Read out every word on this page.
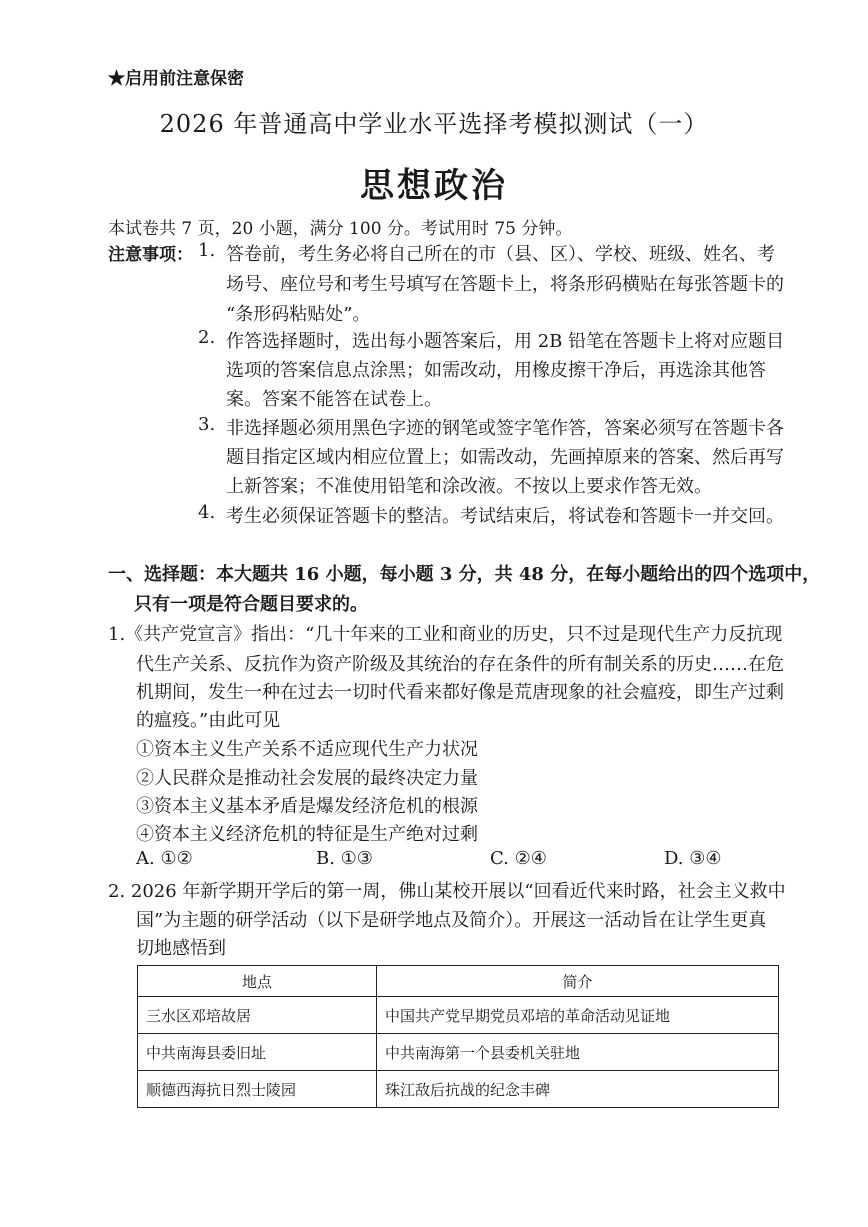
★启用前注意保密
2026 年普通高中学业水平选择考模拟测试（一）
思想政治
本试卷共 7 页，20 小题，满分 100 分。考试用时 75 分钟。
注意事项： 1. 答卷前，考生务必将自己所在的市（县、区）、学校、班级、姓名、考
场号、座位号和考生号填写在答题卡上，将条形码横贴在每张答题卡的
“条形码粘贴处”。
2. 作答选择题时，选出每小题答案后，用 2B 铅笔在答题卡上将对应题目
选项的答案信息点涂黑；如需改动，用橡皮擦干净后，再选涂其他答
案。答案不能答在试卷上。
3. 非选择题必须用黑色字迹的钢笔或签字笔作答，答案必须写在答题卡各
题目指定区域内相应位置上；如需改动，先画掉原来的答案、然后再写
上新答案；不准使用铅笔和涂改液。不按以上要求作答无效。
4. 考生必须保证答题卡的整洁。考试结束后，将试卷和答题卡一并交回。
一、选择题：本大题共 16 小题，每小题 3 分，共 48 分，在每小题给出的四个选项中，
只有一项是符合题目要求的。
1.《共产党宣言》指出：“几十年来的工业和商业的历史，只不过是现代生产力反抗现
代生产关系、反抗作为资产阶级及其统治的存在条件的所有制关系的历史……在危
机期间，发生一种在过去一切时代看来都好像是荒唐现象的社会瘟疫，即生产过剩
的瘟疫。”由此可见
①资本主义生产关系不适应现代生产力状况
②人民群众是推动社会发展的最终决定力量
③资本主义基本矛盾是爆发经济危机的根源
④资本主义经济危机的特征是生产绝对过剩
A. ①②	B. ①③	C. ②④	D. ③④
2. 2026 年新学期开学后的第一周，佛山某校开展以“回看近代来时路，社会主义救中
国”为主题的研学活动（以下是研学地点及简介）。开展这一活动旨在让学生更真
切地感悟到
地点	简介
三水区邓培故居	中国共产党早期党员邓培的革命活动见证地
中共南海县委旧址	中共南海第一个县委机关驻地
顺德西海抗日烈士陵园	珠江敌后抗战的纪念丰碑
